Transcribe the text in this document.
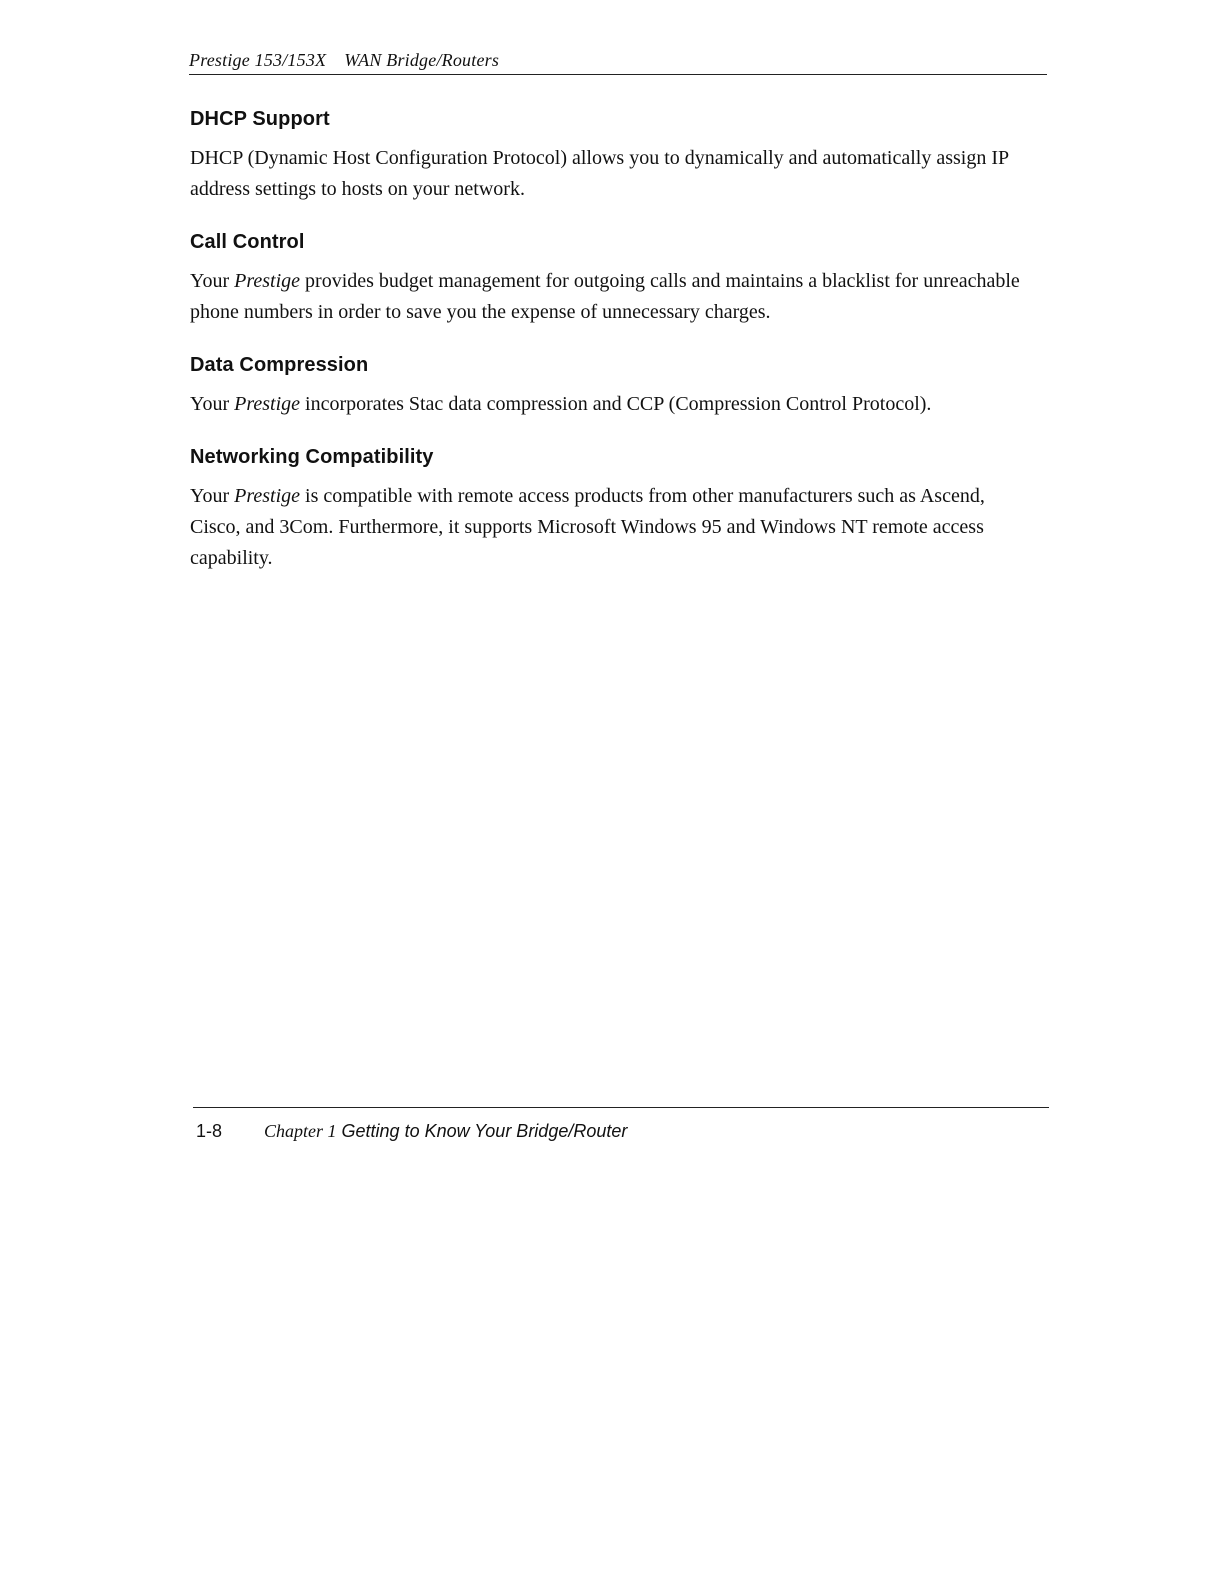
Prestige 153/153X WAN Bridge/Routers
DHCP Support

DHCP (Dynamic Host Configuration Protocol) allows you to dynamically and automatically assign IP address settings to hosts on your network.

Call Control

Your Prestige provides budget management for outgoing calls and maintains a blacklist for unreachable phone numbers in order to save you the expense of unnecessary charges.

Data Compression

Your Prestige incorporates Stac data compression and CCP (Compression Control Protocol).

Networking Compatibility

Your Prestige is compatible with remote access products from other manufacturers such as Ascend, Cisco, and 3Com. Furthermore, it supports Microsoft Windows 95 and Windows NT remote access capability.

1-8 Chapter 1 Getting to Know Your Bridge/Router
